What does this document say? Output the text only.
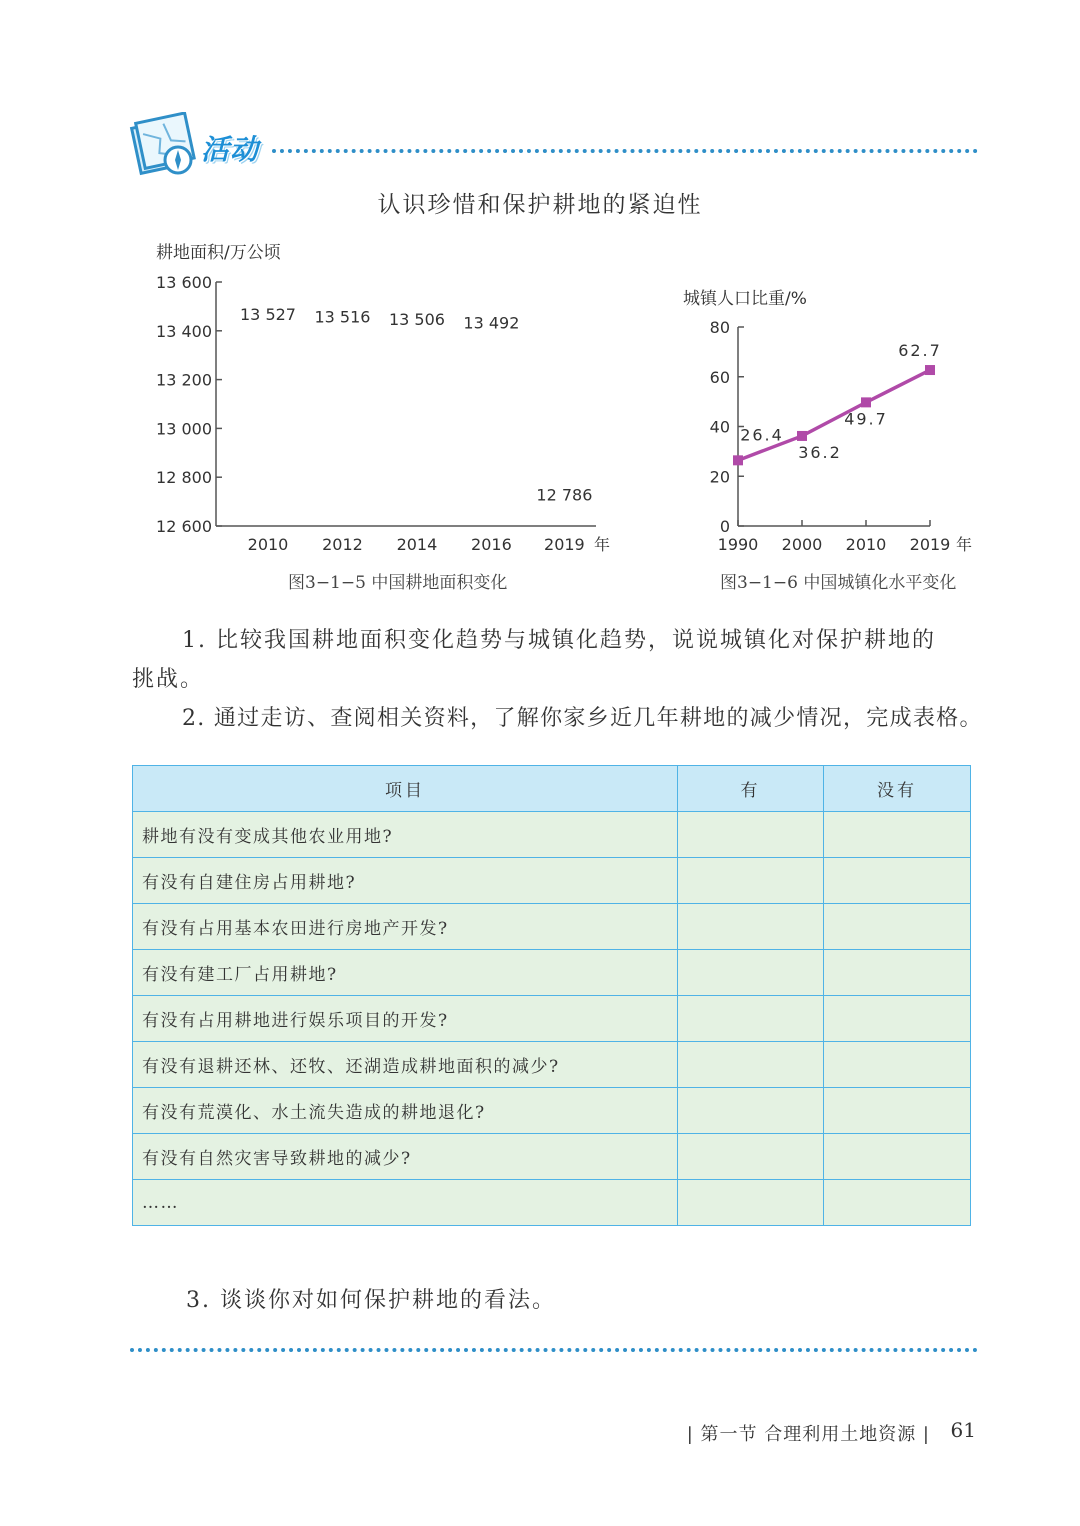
活动
认识珍惜和保护耕地的紧迫性
耕地面积/万公顷
12 600
12 800
13 000
13 200
13 400
13 600
2010 2012 2014 2016 2019
13 527 13 516 13 506 13 492
12 786
年
图3−1−5 中国耕地面积变化
城镇人口比重/%
0
20
40
60
80
1990 2000 2010 2019
26.4
36.2
49.7
62.7
年
图3−1−6 中国城镇化水平变化
1. 比较我国耕地面积变化趋势与城镇化趋势，说说城镇化对保护耕地的
挑战。
2. 通过走访、查阅相关资料，了解你家乡近几年耕地的减少情况，完成表格。
项目	有	没有
耕地有没有变成其他农业用地?		
有没有自建住房占用耕地?		
有没有占用基本农田进行房地产开发?		
有没有建工厂占用耕地?		
有没有占用耕地进行娱乐项目的开发?		
有没有退耕还林、还牧、还湖造成耕地面积的减少?		
有没有荒漠化、水土流失造成的耕地退化?		
有没有自然灾害导致耕地的减少?		
……		
3. 谈谈你对如何保护耕地的看法。
| 第一节 合理利用土地资源 | 61
